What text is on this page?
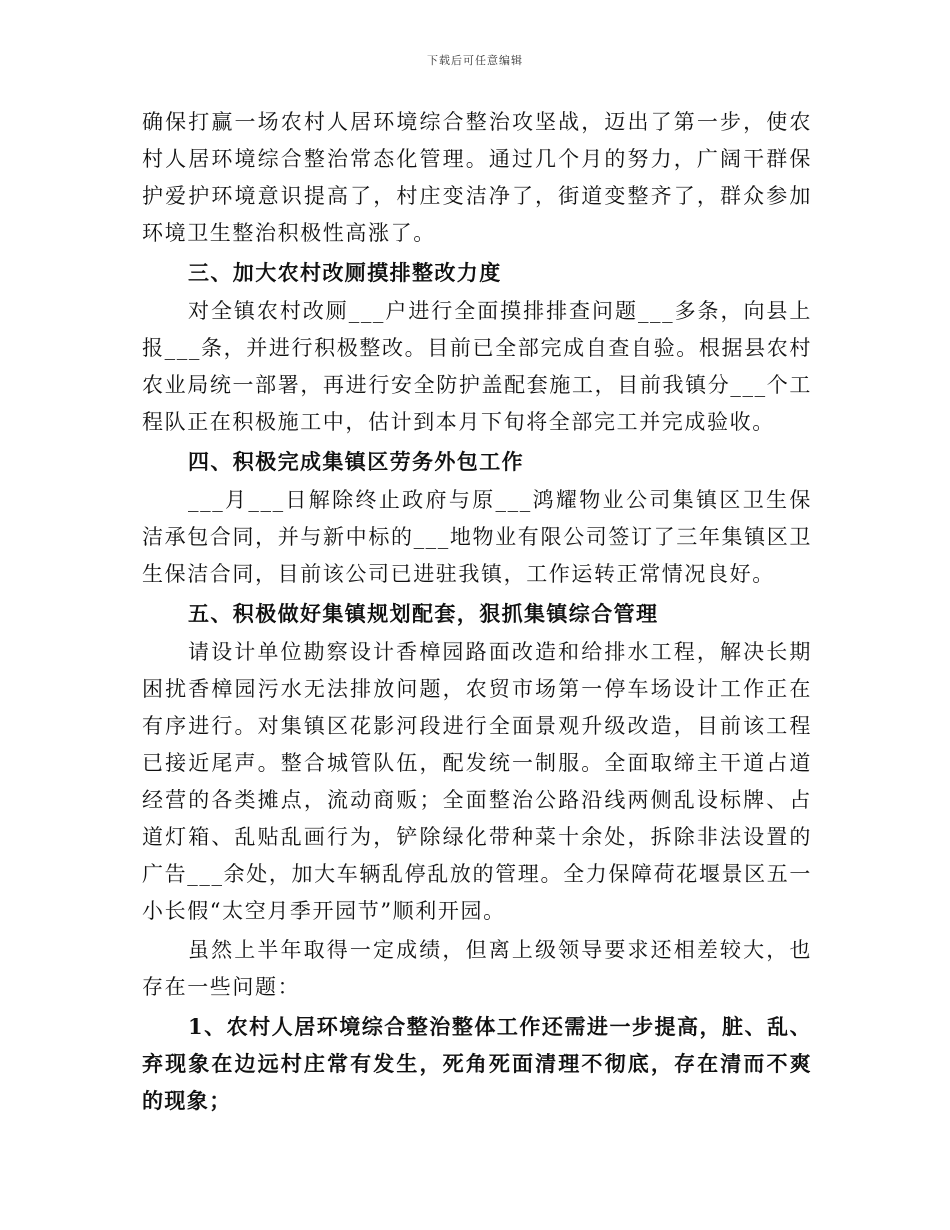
下载后可任意编辑

确保打赢一场农村人居环境综合整治攻坚战，迈出了第一步，使农村人居环境综合整治常态化管理。通过几个月的努力，广阔干群保护爱护环境意识提高了，村庄变洁净了，街道变整齐了，群众参加环境卫生整治积极性高涨了。

三、加大农村改厕摸排整改力度

对全镇农村改厕___户进行全面摸排排查问题___多条，向县上报___条，并进行积极整改。目前已全部完成自查自验。根据县农村农业局统一部署，再进行安全防护盖配套施工，目前我镇分___个工程队正在积极施工中，估计到本月下旬将全部完工并完成验收。

四、积极完成集镇区劳务外包工作

___月___日解除终止政府与原___鸿耀物业公司集镇区卫生保洁承包合同，并与新中标的___地物业有限公司签订了三年集镇区卫生保洁合同，目前该公司已进驻我镇，工作运转正常情况良好。

五、积极做好集镇规划配套，狠抓集镇综合管理

请设计单位勘察设计香樟园路面改造和给排水工程，解决长期困扰香樟园污水无法排放问题，农贸市场第一停车场设计工作正在有序进行。对集镇区花影河段进行全面景观升级改造，目前该工程已接近尾声。整合城管队伍，配发统一制服。全面取缔主干道占道经营的各类摊点，流动商贩；全面整治公路沿线两侧乱设标牌、占道灯箱、乱贴乱画行为，铲除绿化带种菜十余处，拆除非法设置的广告___余处，加大车辆乱停乱放的管理。全力保障荷花堰景区五一小长假“太空月季开园节”顺利开园。

虽然上半年取得一定成绩，但离上级领导要求还相差较大，也存在一些问题：

1、农村人居环境综合整治整体工作还需进一步提高，脏、乱、弃现象在边远村庄常有发生，死角死面清理不彻底，存在清而不爽的现象；
